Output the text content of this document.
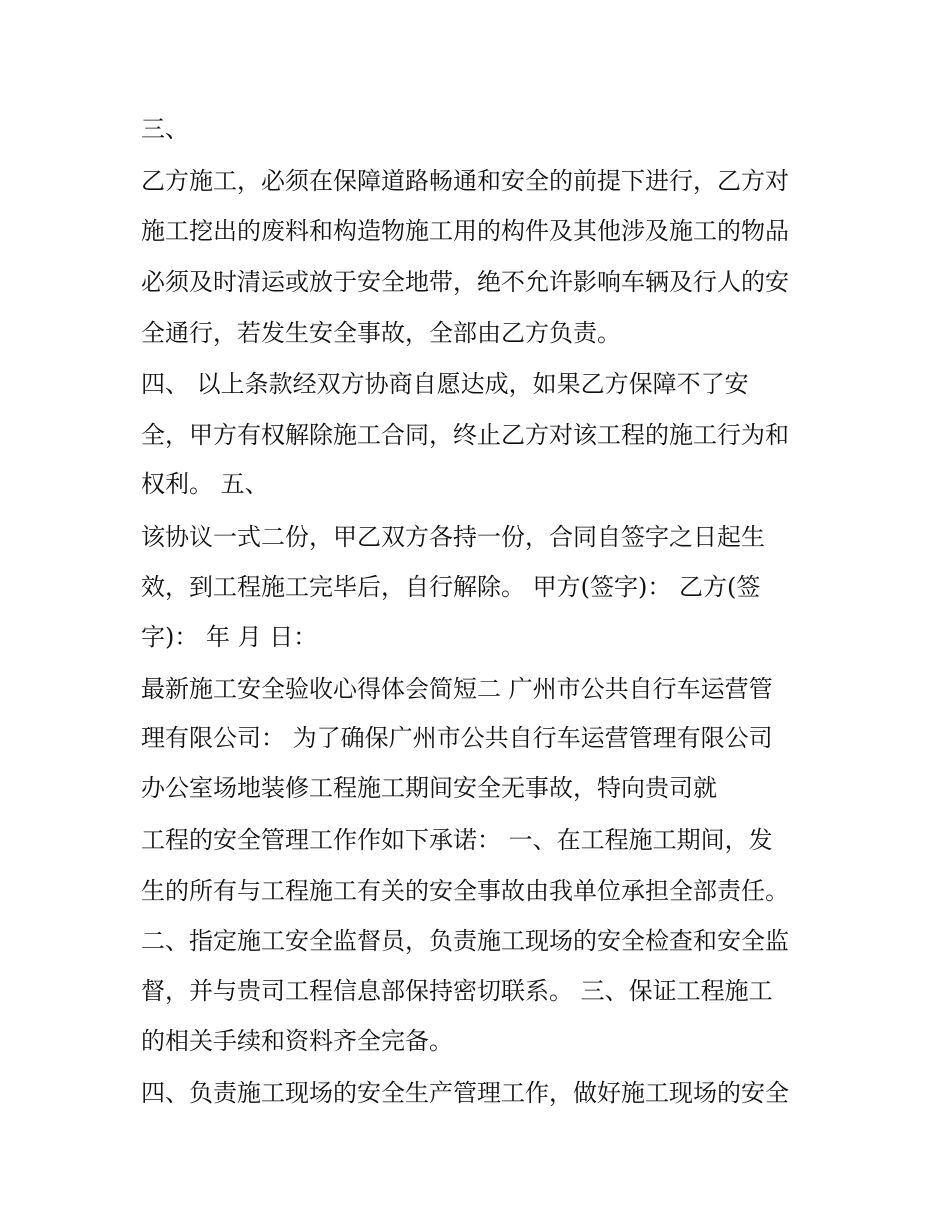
三、
乙方施工，必须在保障道路畅通和安全的前提下进行，乙方对
施工挖出的废料和构造物施工用的构件及其他涉及施工的物品
必须及时清运或放于安全地带，绝不允许影响车辆及行人的安
全通行，若发生安全事故，全部由乙方负责。
四、 以上条款经双方协商自愿达成，如果乙方保障不了安
全，甲方有权解除施工合同，终止乙方对该工程的施工行为和
权利。 五、
该协议一式二份，甲乙双方各持一份，合同自签字之日起生
效，到工程施工完毕后，自行解除。 甲方(签字)： 乙方(签
字)： 年 月 日：
最新施工安全验收心得体会简短二 广州市公共自行车运营管
理有限公司： 为了确保广州市公共自行车运营管理有限公司
办公室场地装修工程施工期间安全无事故，特向贵司就
工程的安全管理工作作如下承诺： 一、在工程施工期间，发
生的所有与工程施工有关的安全事故由我单位承担全部责任。
二、指定施工安全监督员，负责施工现场的安全检查和安全监
督，并与贵司工程信息部保持密切联系。 三、保证工程施工
的相关手续和资料齐全完备。
四、负责施工现场的安全生产管理工作，做好施工现场的安全
